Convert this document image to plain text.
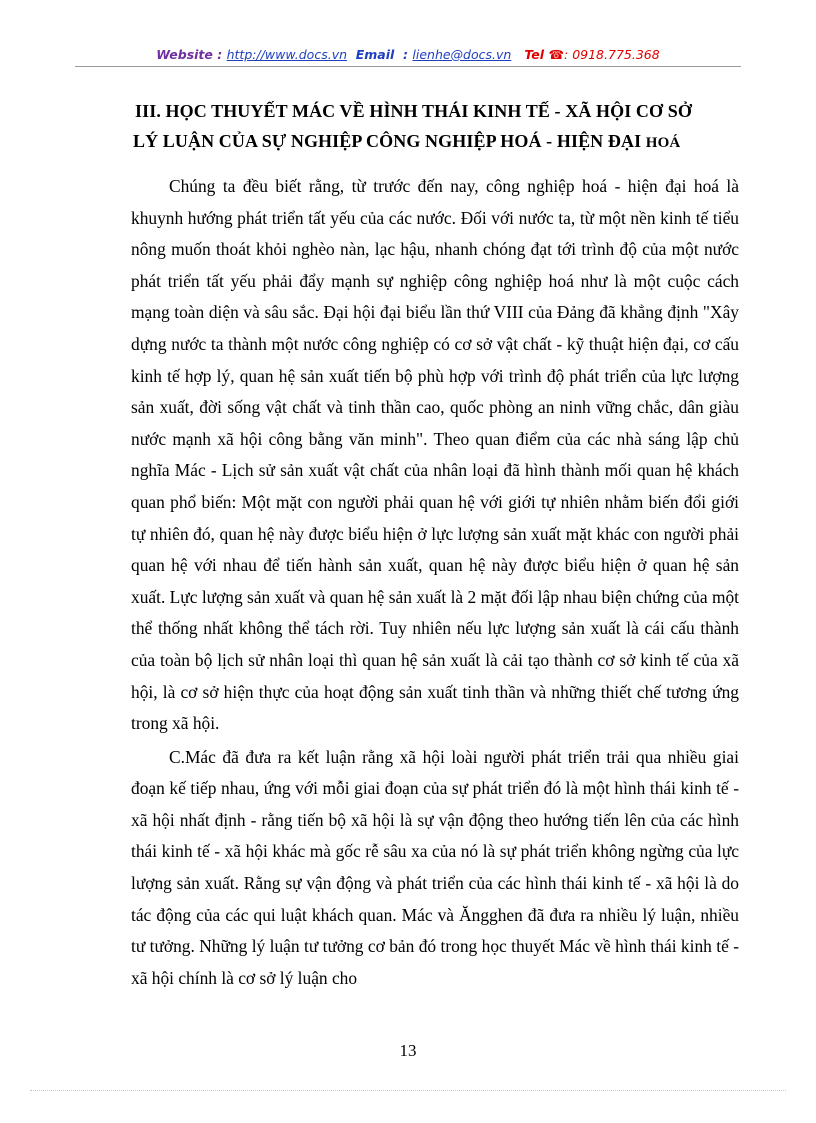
Website : http://www.docs.vn Email : lienhe@docs.vn Tel ☎: 0918.775.368
III. HỌC THUYẾT MÁC VỀ HÌNH THÁI KINH TẾ - XÃ HỘI CƠ SỞ
LÝ LUẬN CỦA SỰ NGHIỆP CÔNG NGHIỆP HOÁ - HIỆN ĐẠI HOÁ

Chúng ta đều biết rằng, từ trước đến nay, công nghiệp hoá - hiện đại hoá là khuynh hướng phát triển tất yếu của các nước. Đối với nước ta, từ một nền kinh tế tiểu nông muốn thoát khỏi nghèo nàn, lạc hậu, nhanh chóng đạt tới trình độ của một nước phát triển tất yếu phải đẩy mạnh sự nghiệp công nghiệp hoá như là một cuộc cách mạng toàn diện và sâu sắc. Đại hội đại biểu lần thứ VIII của Đảng đã khẳng định "Xây dựng nước ta thành một nước công nghiệp có cơ sở vật chất - kỹ thuật hiện đại, cơ cấu kinh tế hợp lý, quan hệ sản xuất tiến bộ phù hợp với trình độ phát triển của lực lượng sản xuất, đời sống vật chất và tinh thần cao, quốc phòng an ninh vững chắc, dân giàu nước mạnh xã hội công bằng văn minh". Theo quan điểm của các nhà sáng lập chủ nghĩa Mác - Lịch sử sản xuất vật chất của nhân loại đã hình thành mối quan hệ khách quan phổ biến: Một mặt con người phải quan hệ với giới tự nhiên nhằm biến đổi giới tự nhiên đó, quan hệ này được biểu hiện ở lực lượng sản xuất mặt khác con người phải quan hệ với nhau để tiến hành sản xuất, quan hệ này được biểu hiện ở quan hệ sản xuất. Lực lượng sản xuất và quan hệ sản xuất là 2 mặt đối lập nhau biện chứng của một thể thống nhất không thể tách rời. Tuy nhiên nếu lực lượng sản xuất là cái cấu thành của toàn bộ lịch sử nhân loại thì quan hệ sản xuất là cải tạo thành cơ sở kinh tế của xã hội, là cơ sở hiện thực của hoạt động sản xuất tinh thần và những thiết chế tương ứng trong xã hội.

C.Mác đã đưa ra kết luận rằng xã hội loài người phát triển trải qua nhiều giai đoạn kế tiếp nhau, ứng với mỗi giai đoạn của sự phát triển đó là một hình thái kinh tế - xã hội nhất định - rằng tiến bộ xã hội là sự vận động theo hướng tiến lên của các hình thái kinh tế - xã hội khác mà gốc rễ sâu xa của nó là sự phát triển không ngừng của lực lượng sản xuất. Rằng sự vận động và phát triển của các hình thái kinh tế - xã hội là do tác động của các qui luật khách quan. Mác và Ăngghen đã đưa ra nhiều lý luận, nhiều tư tưởng. Những lý luận tư tưởng cơ bản đó trong học thuyết Mác về hình thái kinh tế - xã hội chính là cơ sở lý luận cho

13
